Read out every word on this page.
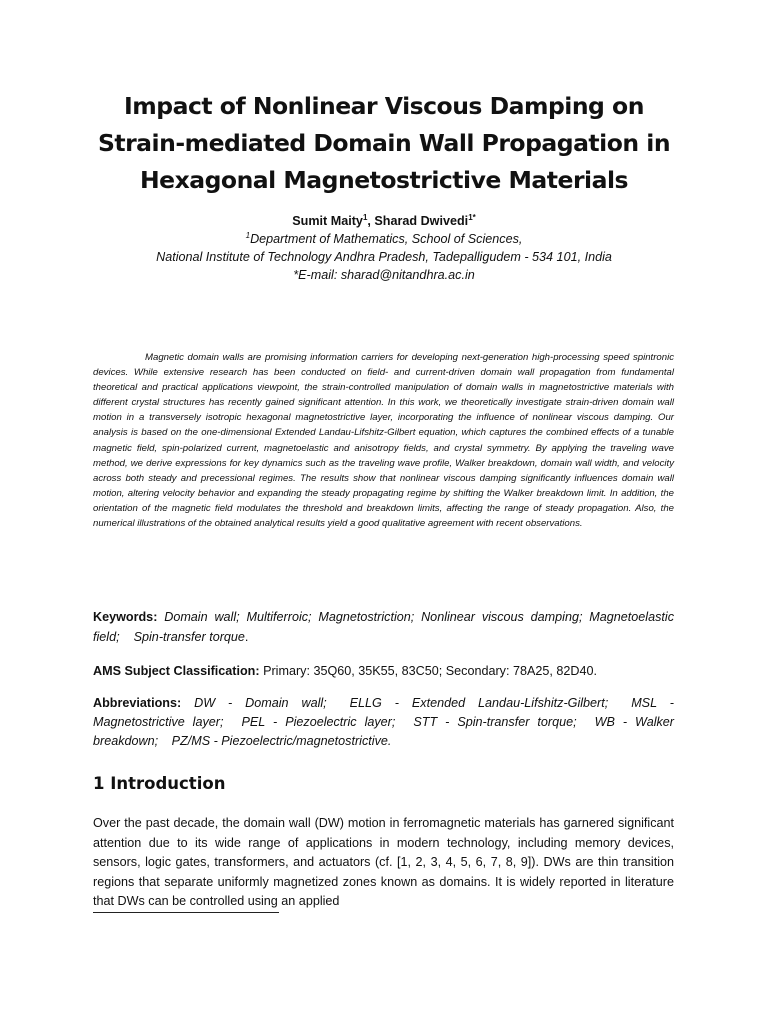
Impact of Nonlinear Viscous Damping on
Strain-mediated Domain Wall Propagation in
Hexagonal Magnetostrictive Materials
Sumit Maity$^1$, Sharad Dwivedi$^{1*}$
$^1$Department of Mathematics, School of Sciences,
National Institute of Technology Andhra Pradesh, Tadepalligudem - 534 101, India
*E-mail: sharad@nitandhra.ac.in

Magnetic domain walls are promising information carriers for developing next-generation high-processing speed spintronic devices. While extensive research has been conducted on field- and current-driven domain wall propagation from fundamental theoretical and practical applications viewpoint, the strain-controlled manipulation of domain walls in magnetostrictive materials with different crystal structures has recently gained significant attention. In this work, we theoretically investigate strain-driven domain wall motion in a transversely isotropic hexagonal magnetostrictive layer, incorporating the influence of nonlinear viscous damping. Our analysis is based on the one-dimensional Extended Landau-Lifshitz-Gilbert equation, which captures the combined effects of a tunable magnetic field, spin-polarized current, magnetoelastic and anisotropy fields, and crystal symmetry. By applying the traveling wave method, we derive expressions for key dynamics such as the traveling wave profile, Walker breakdown, domain wall width, and velocity across both steady and precessional regimes. The results show that nonlinear viscous damping significantly influences domain wall motion, altering velocity behavior and expanding the steady propagating regime by shifting the Walker breakdown limit. In addition, the orientation of the magnetic field modulates the threshold and breakdown limits, affecting the range of steady propagation. Also, the numerical illustrations of the obtained analytical results yield a good qualitative agreement with recent observations.

Keywords: Domain wall; Multiferroic; Magnetostriction; Nonlinear viscous damping; Magnetoelastic field; Spin-transfer torque.
AMS Subject Classification: Primary: 35Q60, 35K55, 83C50; Secondary: 78A25, 82D40.
Abbreviations: DW - Domain wall; ELLG - Extended Landau-Lifshitz-Gilbert; MSL - Magnetostrictive layer; PEL - Piezoelectric layer; STT - Spin-transfer torque; WB - Walker breakdown; PZ/MS - Piezoelectric/magnetostrictive.
1 Introduction

Over the past decade, the domain wall (DW) motion in ferromagnetic materials has garnered significant attention due to its wide range of applications in modern technology, including memory devices, sensors, logic gates, transformers, and actuators (cf. [1, 2, 3, 4, 5, 6, 7, 8, 9]). DWs are thin transition regions that separate uniformly magnetized zones known as domains. It is widely reported in literature that DWs can be controlled using an applied
